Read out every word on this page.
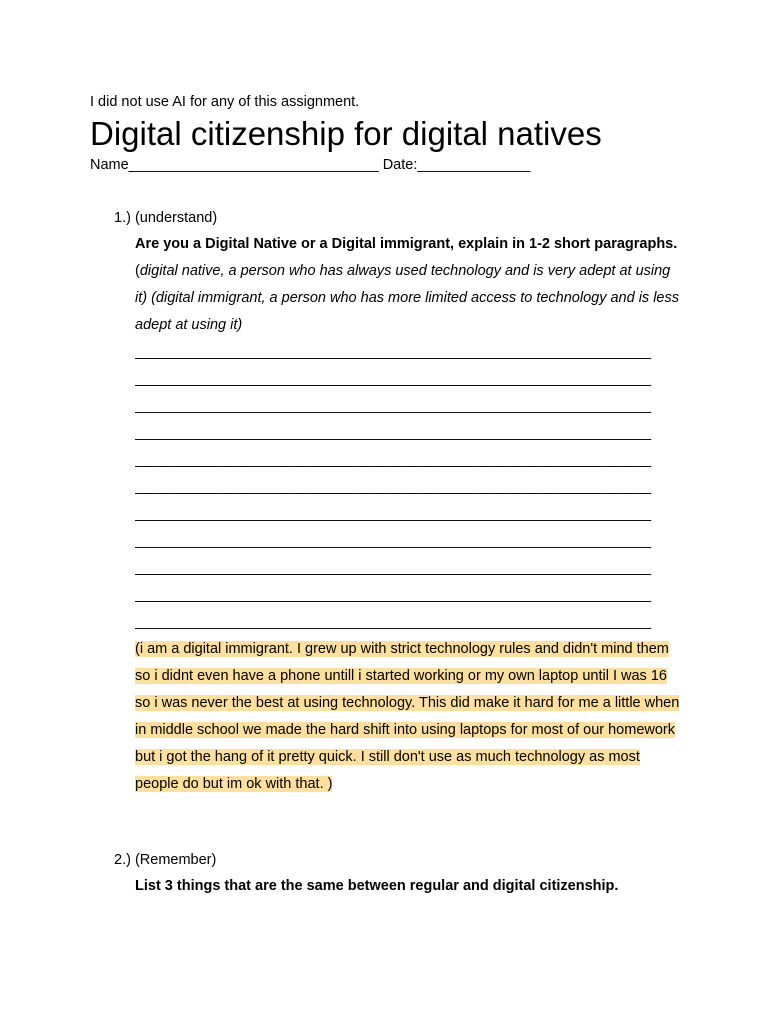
I did not use AI for any of this assignment.
Digital citizenship for digital natives
Name_______________________________ Date:______________
1.) (understand)

Are you a Digital Native or a Digital immigrant, explain in 1-2 short paragraphs.

(digital native, a person who has always used technology and is very adept at using it) (digital immigrant, a person who has more limited access to technology and is less adept at using it)

________________________________________________________________
________________________________________________________________
________________________________________________________________
________________________________________________________________
________________________________________________________________
________________________________________________________________
________________________________________________________________
________________________________________________________________
________________________________________________________________
________________________________________________________________
________________________________________________________________

(i am a digital immigrant. I grew up with strict technology rules and didn't mind them so i didnt even have a phone untill i started working or my own laptop until I was 16 so i was never the best at using technology. This did make it hard for me a little when in middle school we made the hard shift into using laptops for most of our homework but i got the hang of it pretty quick. I still don't use as much technology as most people do but im ok with that. )

2.) (Remember)

List 3 things that are the same between regular and digital citizenship.
